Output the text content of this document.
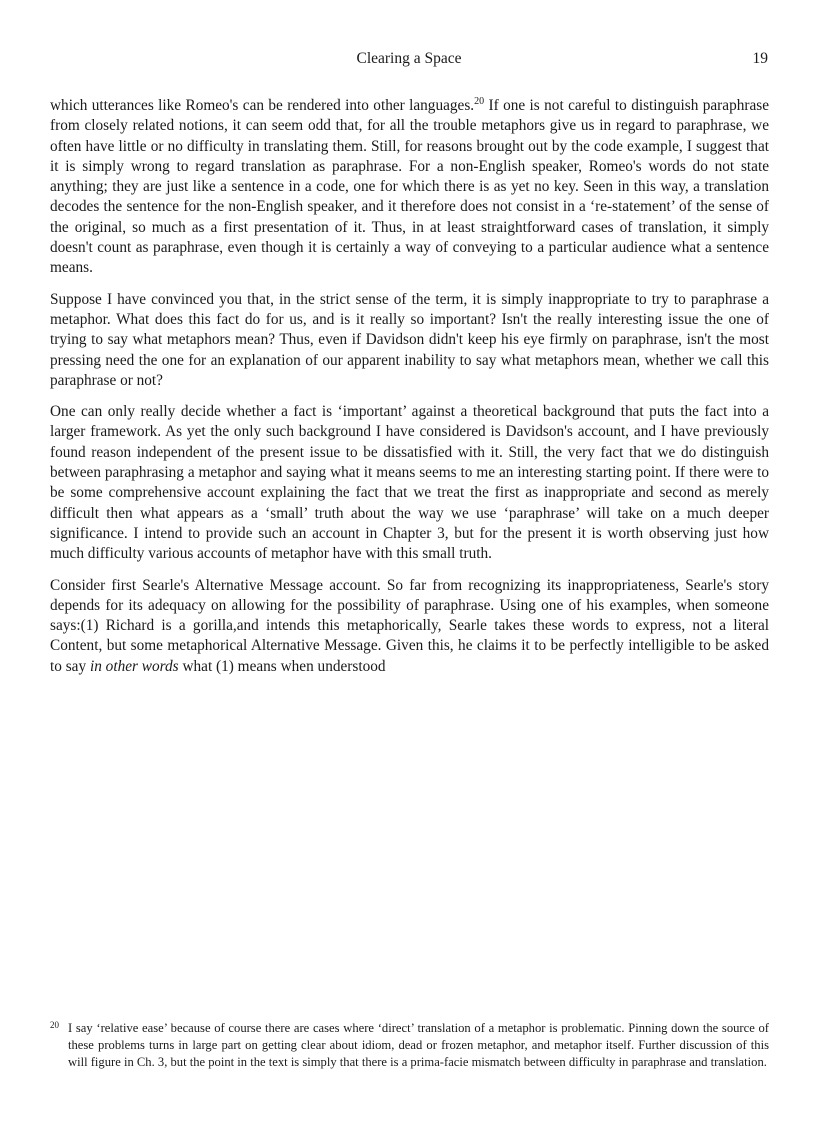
Clearing a Space	19

which utterances like Romeo's can be rendered into other languages.$^{20}$ If one is not careful to distinguish paraphrase from closely related notions, it can seem odd that, for all the trouble metaphors give us in regard to paraphrase, we often have little or no difficulty in translating them. Still, for reasons brought out by the code example, I suggest that it is simply wrong to regard translation as paraphrase. For a non-English speaker, Romeo's words do not state anything; they are just like a sentence in a code, one for which there is as yet no key. Seen in this way, a translation decodes the sentence for the non-English speaker, and it therefore does not consist in a ‘re-statement’ of the sense of the original, so much as a first presentation of it. Thus, in at least straightforward cases of translation, it simply doesn't count as paraphrase, even though it is certainly a way of conveying to a particular audience what a sentence means.

Suppose I have convinced you that, in the strict sense of the term, it is simply inappropriate to try to paraphrase a metaphor. What does this fact do for us, and is it really so important? Isn't the really interesting issue the one of trying to say what metaphors mean? Thus, even if Davidson didn't keep his eye firmly on paraphrase, isn't the most pressing need the one for an explanation of our apparent inability to say what metaphors mean, whether we call this paraphrase or not?

One can only really decide whether a fact is ‘important’ against a theoretical background that puts the fact into a larger framework. As yet the only such background I have considered is Davidson's account, and I have previously found reason independent of the present issue to be dissatisfied with it. Still, the very fact that we do distinguish between paraphrasing a metaphor and saying what it means seems to me an interesting starting point. If there were to be some comprehensive account explaining the fact that we treat the first as inappropriate and second as merely difficult then what appears as a ‘small’ truth about the way we use ‘paraphrase’ will take on a much deeper significance. I intend to provide such an account in Chapter 3, but for the present it is worth observing just how much difficulty various accounts of metaphor have with this small truth.

Consider first Searle's Alternative Message account. So far from recognizing its inappropriateness, Searle's story depends for its adequacy on allowing for the possibility of paraphrase. Using one of his examples, when someone says:(1) Richard is a gorilla,and intends this metaphorically, Searle takes these words to express, not a literal Content, but some metaphorical Alternative Message. Given this, he claims it to be perfectly intelligible to be asked to say in other words what (1) means when understood

20 I say ‘relative ease’ because of course there are cases where ‘direct’ translation of a metaphor is problematic. Pinning down the source of these problems turns in large part on getting clear about idiom, dead or frozen metaphor, and metaphor itself. Further discussion of this will figure in Ch. 3, but the point in the text is simply that there is a prima-facie mismatch between difficulty in paraphrase and translation.
